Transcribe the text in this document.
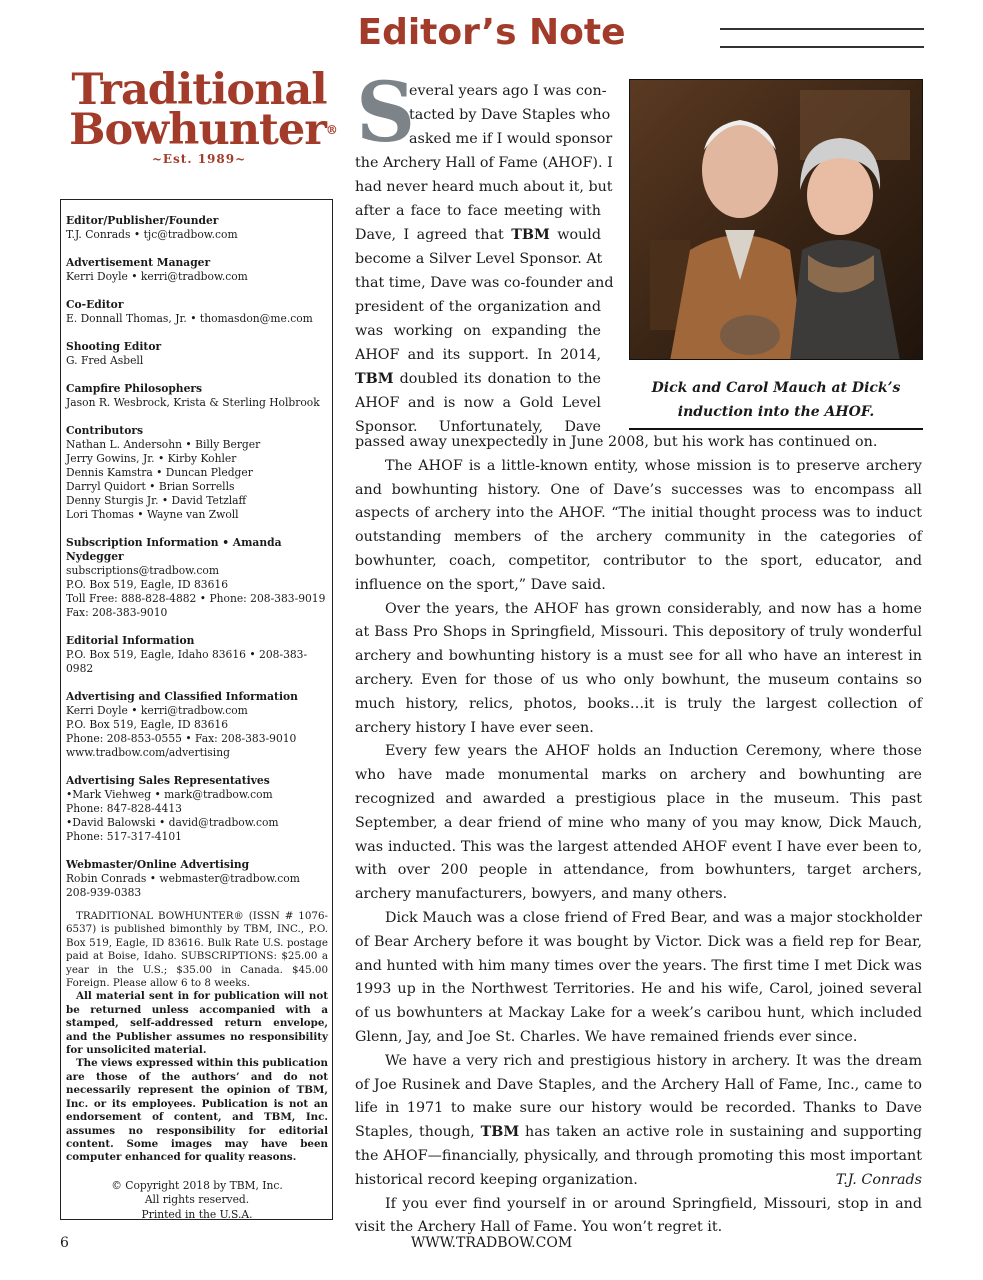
Editor’s Note
Traditional
Bowhunter®
~Est. 1989~
Editor/Publisher/Founder
T.J. Conrads • tjc@tradbow.com
Advertisement Manager
Kerri Doyle • kerri@tradbow.com
Co-Editor
E. Donnall Thomas, Jr. • thomasdon@me.com
Shooting Editor
G. Fred Asbell
Campfire Philosophers
Jason R. Wesbrock, Krista & Sterling Holbrook
Contributors
Nathan L. Andersohn • Billy Berger
Jerry Gowins, Jr. • Kirby Kohler
Dennis Kamstra • Duncan Pledger
Darryl Quidort • Brian Sorrells
Denny Sturgis Jr. • David Tetzlaff
Lori Thomas • Wayne van Zwoll
Subscription Information • Amanda Nydegger
subscriptions@tradbow.com
P.O. Box 519, Eagle, ID 83616
Toll Free: 888-828-4882 • Phone: 208-383-9019
Fax: 208-383-9010
Editorial Information
P.O. Box 519, Eagle, Idaho 83616 • 208-383-0982
Advertising and Classified Information
Kerri Doyle • kerri@tradbow.com
P.O. Box 519, Eagle, ID 83616
Phone: 208-853-0555 • Fax: 208-383-9010
www.tradbow.com/advertising
Advertising Sales Representatives
•Mark Viehweg • mark@tradbow.com
Phone: 847-828-4413
•David Balowski • david@tradbow.com
Phone: 517-317-4101
Webmaster/Online Advertising
Robin Conrads • webmaster@tradbow.com
208-939-0383

TRADITIONAL BOWHUNTER® (ISSN # 1076-6537) is published bimonthly by TBM, INC., P.O. Box 519, Eagle, ID 83616. Bulk Rate U.S. postage paid at Boise, Idaho. SUBSCRIPTIONS: $25.00 a year in the U.S.; $35.00 in Canada. $45.00 Foreign. Please allow 6 to 8 weeks.

All material sent in for publication will not be returned unless accompanied with a stamped, self-addressed return envelope, and the Publisher assumes no responsibility for unsolicited material.

The views expressed within this publication are those of the authors’ and do not necessarily represent the opinion of TBM, Inc. or its employees. Publication is not an endorsement of content, and TBM, Inc. assumes no responsibility for editorial content. Some images may have been computer enhanced for quality reasons.

© Copyright 2018 by TBM, Inc.
All rights reserved.
Printed in the U.S.A.
Dick and Carol Mauch at Dick’s
induction into the AHOF.
S
everal years ago I was con-
tacted by Dave Staples who
asked me if I would sponsor
the Archery Hall of Fame (AHOF). I
had never heard much about it, but
after a face to face meeting with
Dave, I agreed that TBM would
become a Silver Level Sponsor. At
that time, Dave was co-founder and
president of the organization and
was working on expanding the
AHOF and its support. In 2014,
TBM doubled its donation to the
AHOF and is now a Gold Level
Sponsor. Unfortunately, Dave

passed away unexpectedly in June 2008, but his work has continued on.

The AHOF is a little-known entity, whose mission is to preserve archery and bowhunting history. One of Dave’s successes was to encompass all aspects of archery into the AHOF. “The initial thought process was to induct outstanding members of the archery community in the categories of bowhunter, coach, competitor, contributor to the sport, educator, and influence on the sport,” Dave said.

Over the years, the AHOF has grown considerably, and now has a home at Bass Pro Shops in Springfield, Missouri. This depository of truly wonderful archery and bowhunting history is a must see for all who have an interest in archery. Even for those of us who only bowhunt, the museum contains so much history, relics, photos, books…it is truly the largest collection of archery history I have ever seen.

Every few years the AHOF holds an Induction Ceremony, where those who have made monumental marks on archery and bowhunting are recognized and awarded a prestigious place in the museum. This past September, a dear friend of mine who many of you may know, Dick Mauch, was inducted. This was the largest attended AHOF event I have ever been to, with over 200 people in attendance, from bowhunters, target archers, archery manufacturers, bowyers, and many others.

Dick Mauch was a close friend of Fred Bear, and was a major stockholder of Bear Archery before it was bought by Victor. Dick was a field rep for Bear, and hunted with him many times over the years. The first time I met Dick was 1993 up in the Northwest Territories. He and his wife, Carol, joined several of us bowhunters at Mackay Lake for a week’s caribou hunt, which included Glenn, Jay, and Joe St. Charles. We have remained friends ever since.

We have a very rich and prestigious history in archery. It was the dream of Joe Rusinek and Dave Staples, and the Archery Hall of Fame, Inc., came to life in 1971 to make sure our history would be recorded. Thanks to Dave Staples, though, TBM has taken an active role in sustaining and supporting the AHOF—financially, physically, and through promoting this most important historical record keeping organization.

If you ever find yourself in or around Springfield, Missouri, stop in and visit the Archery Hall of Fame. You won’t regret it.

T.J. Conrads
6	WWW.TRADBOW.COM
